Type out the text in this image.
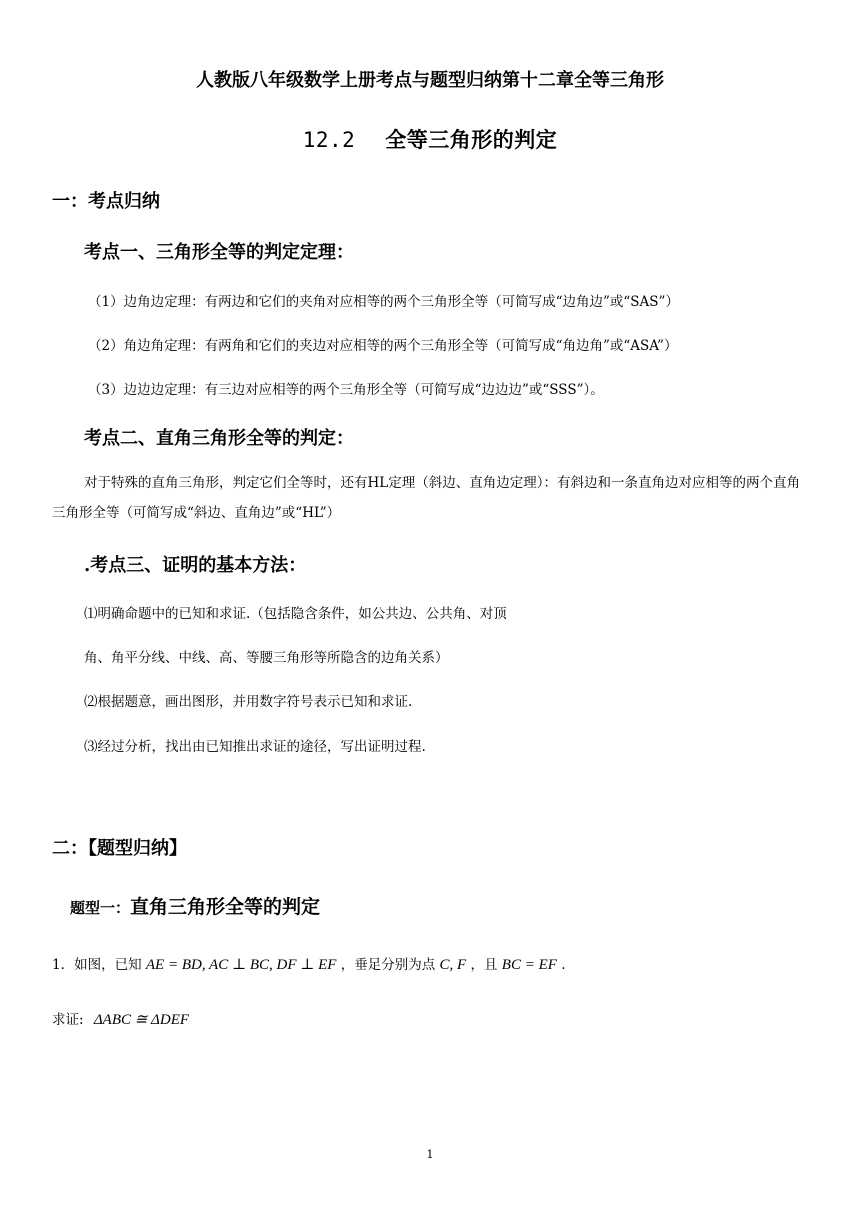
人教版八年级数学上册考点与题型归纳第十二章全等三角形
12.2 全等三角形的判定
一：考点归纳
考点一、三角形全等的判定定理：
（1）边角边定理：有两边和它们的夹角对应相等的两个三角形全等（可简写成“边角边”或“SAS”）
（2）角边角定理：有两角和它们的夹边对应相等的两个三角形全等（可简写成“角边角”或“ASA”）
（3）边边边定理：有三边对应相等的两个三角形全等（可简写成“边边边”或“SSS”）。
考点二、直角三角形全等的判定：
对于特殊的直角三角形，判定它们全等时，还有HL定理（斜边、直角边定理）：有斜边和一条直角边对应相等的两个直角三角形全等（可简写成“斜边、直角边”或“HL”）
.考点三、证明的基本方法：
⑴明确命题中的已知和求证.（包括隐含条件，如公共边、公共角、对顶
角、角平分线、中线、高、等腰三角形等所隐含的边角关系）
⑵根据题意，画出图形，并用数字符号表示已知和求证.
⑶经过分析，找出由已知推出求证的途径，写出证明过程.
二：【题型归纳】
题型一：直角三角形全等的判定
1．如图，已知 AE = BD, AC ⊥ BC, DF ⊥ EF ，垂足分别为点 C, F ，且 BC = EF .
求证: ΔABC ≅ ΔDEF
1
